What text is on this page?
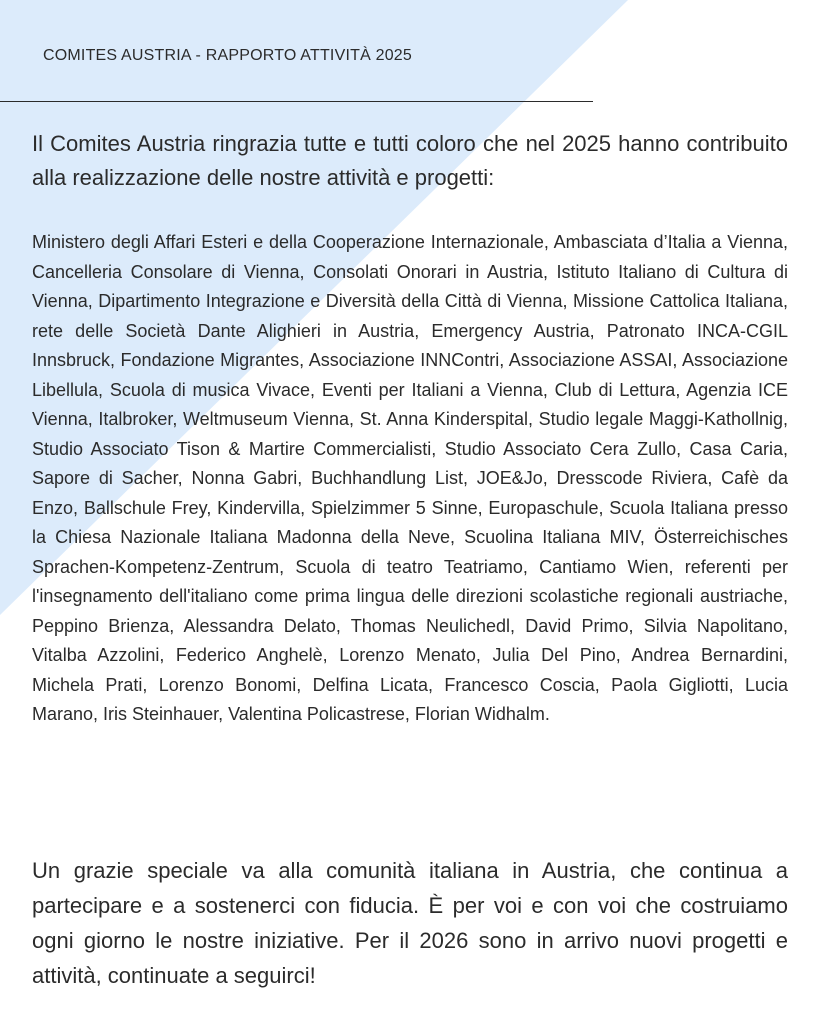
COMITES AUSTRIA - RAPPORTO ATTIVITÀ 2025

Il Comites Austria ringrazia tutte e tutti coloro che nel 2025 hanno contribuito alla realizzazione delle nostre attività e progetti:

Ministero degli Affari Esteri e della Cooperazione Internazionale, Ambasciata d’Italia a Vienna, Cancelleria Consolare di Vienna, Consolati Onorari in Austria, Istituto Italiano di Cultura di Vienna, Dipartimento Integrazione e Diversità della Città di Vienna, Missione Cattolica Italiana, rete delle Società Dante Alighieri in Austria, Emergency Austria, Patronato INCA-CGIL Innsbruck, Fondazione Migrantes, Associazione INNContri, Associazione ASSAI, Associazione Libellula, Scuola di musica Vivace, Eventi per Italiani a Vienna, Club di Lettura, Agenzia ICE Vienna, Italbroker, Weltmuseum Vienna, St. Anna Kinderspital, Studio legale Maggi-Kathollnig, Studio Associato Tison & Martire Commercialisti, Studio Associato Cera Zullo, Casa Caria, Sapore di Sacher, Nonna Gabri, Buchhandlung List, JOE&Jo, Dresscode Riviera, Cafè da Enzo, Ballschule Frey, Kindervilla, Spielzimmer 5 Sinne, Europaschule, Scuola Italiana presso la Chiesa Nazionale Italiana Madonna della Neve, Scuolina Italiana MIV, Österreichisches Sprachen-Kompetenz-Zentrum, Scuola di teatro Teatriamo, Cantiamo Wien, referenti per l'insegnamento dell'italiano come prima lingua delle direzioni scolastiche regionali austriache, Peppino Brienza, Alessandra Delato, Thomas Neulichedl, David Primo, Silvia Napolitano, Vitalba Azzolini, Federico Anghelè, Lorenzo Menato, Julia Del Pino, Andrea Bernardini, Michela Prati, Lorenzo Bonomi, Delfina Licata, Francesco Coscia, Paola Gigliotti, Lucia Marano, Iris Steinhauer, Valentina Policastrese, Florian Widhalm.

Un grazie speciale va alla comunità italiana in Austria, che continua a partecipare e a sostenerci con fiducia. È per voi e con voi che costruiamo ogni giorno le nostre iniziative. Per il 2026 sono in arrivo nuovi progetti e attività, continuate a seguirci!
